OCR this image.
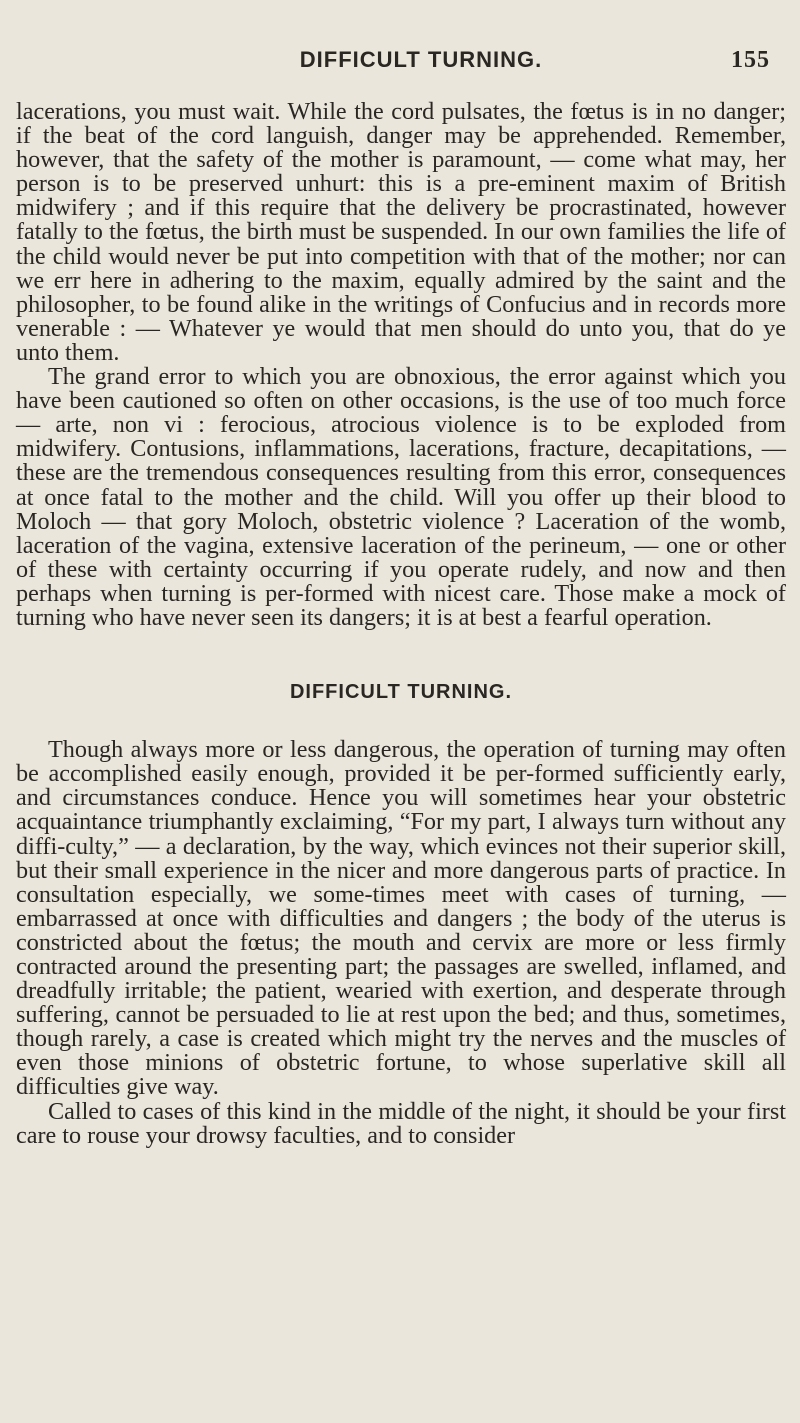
DIFFICULT TURNING.	155

lacerations, you must wait. While the cord pulsates, the fœtus is in no danger; if the beat of the cord languish, danger may be apprehended. Remember, however, that the safety of the mother is paramount, — come what may, her person is to be preserved unhurt: this is a pre-eminent maxim of British midwifery ; and if this require that the delivery be procrastinated, however fatally to the fœtus, the birth must be suspended. In our own families the life of the child would never be put into competition with that of the mother; nor can we err here in adhering to the maxim, equally admired by the saint and the philosopher, to be found alike in the writings of Confucius and in records more venerable : — Whatever ye would that men should do unto you, that do ye unto them.

The grand error to which you are obnoxious, the error against which you have been cautioned so often on other occasions, is the use of too much force — arte, non vi : ferocious, atrocious violence is to be exploded from midwifery. Contusions, inflammations, lacerations, fracture, decapitations, — these are the tremendous consequences resulting from this error, consequences at once fatal to the mother and the child. Will you offer up their blood to Moloch — that gory Moloch, obstetric violence ? Laceration of the womb, laceration of the vagina, extensive laceration of the perineum, — one or other of these with certainty occurring if you operate rudely, and now and then perhaps when turning is per-formed with nicest care. Those make a mock of turning who have never seen its dangers; it is at best a fearful operation.

DIFFICULT TURNING.

Though always more or less dangerous, the operation of turning may often be accomplished easily enough, provided it be per-formed sufficiently early, and circumstances conduce. Hence you will sometimes hear your obstetric acquaintance triumphantly exclaiming, “For my part, I always turn without any diffi-culty,” — a declaration, by the way, which evinces not their superior skill, but their small experience in the nicer and more dangerous parts of practice. In consultation especially, we some-times meet with cases of turning, — embarrassed at once with difficulties and dangers ; the body of the uterus is constricted about the fœtus; the mouth and cervix are more or less firmly contracted around the presenting part; the passages are swelled, inflamed, and dreadfully irritable; the patient, wearied with exertion, and desperate through suffering, cannot be persuaded to lie at rest upon the bed; and thus, sometimes, though rarely, a case is created which might try the nerves and the muscles of even those minions of obstetric fortune, to whose superlative skill all difficulties give way.

Called to cases of this kind in the middle of the night, it should be your first care to rouse your drowsy faculties, and to consider
